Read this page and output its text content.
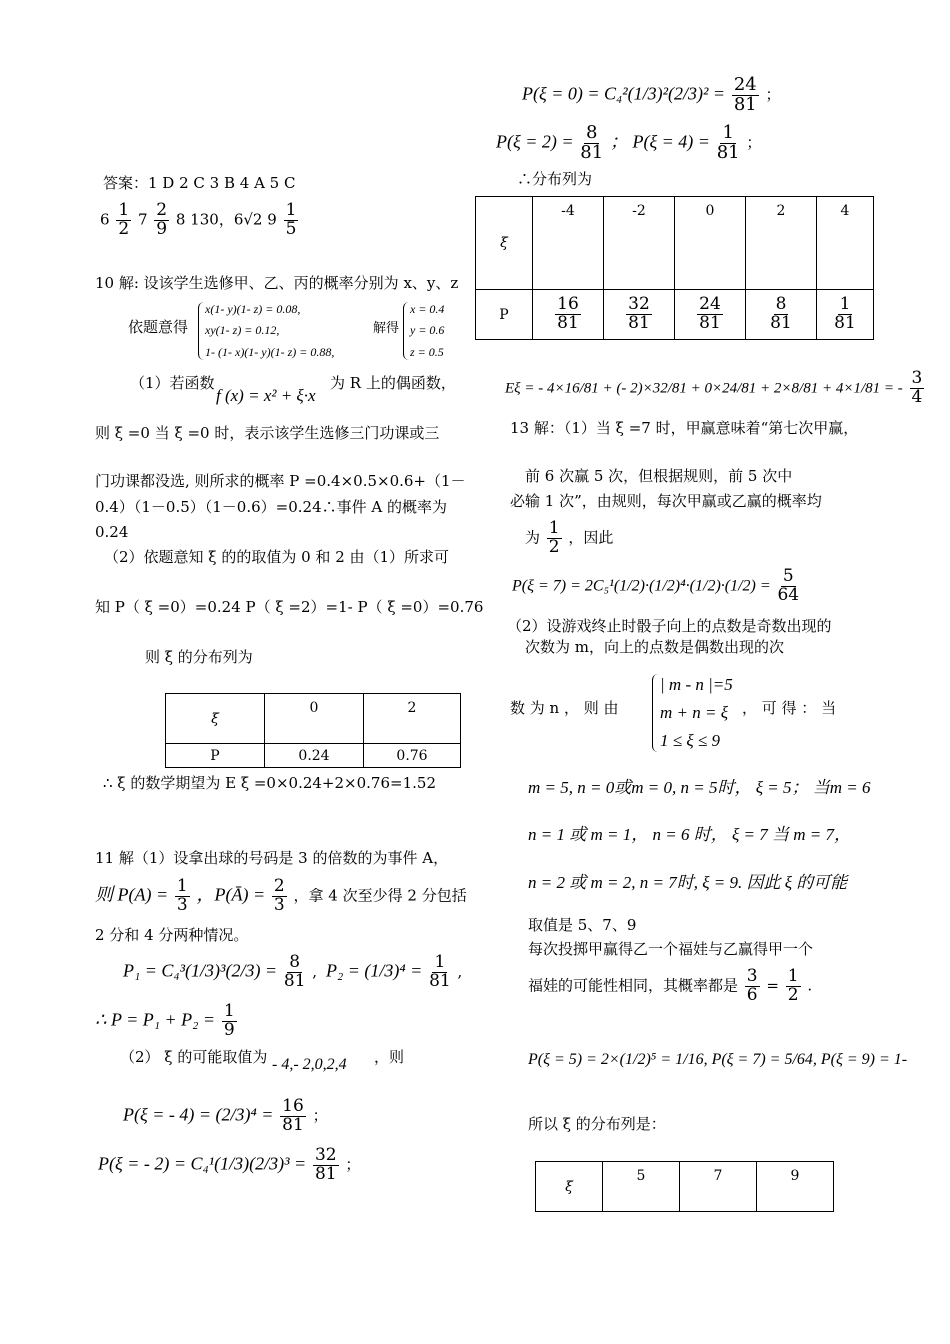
答案：1 D 2 C 3 B 4 A 5 C
$6 \frac{1}{2} 7 \frac{2}{9} 8$ 130，6√2 $9 \frac{1}{5}$
10 解: 设该学生选修甲、乙、丙的概率分别为 x、y、z
依题意得
x(1- y)(1- z) = 0.08,
xy(1- z) = 0.12,
1- (1- x)(1- y)(1- z) = 0.88,
解得
x = 0.4
y = 0.6
z = 0.5
（1）若函数
f (x) = x² + ξ·x
为 R 上的偶函数，
则 ξ =0 当 ξ =0 时，表示该学生选修三门功课或三
门功课都没选, 则所求的概率 P =0.4×0.5×0.6+（1－
0.4）（1－0.5）（1－0.6）=0.24∴事件 A 的概率为
0.24
（2）依题意知 ξ 的的取值为 0 和 2 由（1）所求可
知 P（ ξ =0）=0.24 P（ ξ =2）=1- P（ ξ =0）=0.76
则 ξ 的分布列为
ξ	0	2
P	0.24	0.76
∴ ξ 的数学期望为 E ξ =0×0.24+2×0.76=1.52
11 解（1）设拿出球的号码是 3 的倍数的为事件 A，
则 $P(A) = \frac{1}{3}$ ，P(Ā) = $\frac{2}{3}$ ，拿 4 次至少得 2 分包括
2 分和 4 分两种情况。
$P_1 = C_4^3(1/3)^3(2/3) = \frac{8}{81}$ , $P_2 = (1/3)^4 = \frac{1}{81}$ ,
∴ $P = P_1 + P_2 = \frac{1}{9}$
（2） ξ 的可能取值为 - 4,- 2,0,2,4 ，则
P(ξ = - $4) = (2/3)^4 = \frac{16}{81}$ ；
P(ξ = - $2) = C_4^1(1/3)(2/3)^3 = \frac{32}{81}$ ；
$P(\xi = 0) = C_4^2(1/3)^2(2/3)^2 = \frac{24}{81}$ ；
$P(\xi = 2) = \frac{8}{81}$ ； $P(\xi = 4) = \frac{1}{81}$ ；
∴分布列为
ξ	-4	-2	0	2	4
P	$\frac{16}{81}$	$\frac{32}{81}$	$\frac{24}{81}$	$\frac{8}{81}$	$\frac{1}{81}$
Eξ = - 4×16/81 + (- 2)×32/81 + 0×24/81 + 2×8/81 + 4×1/81 = - $\frac{3}{4}$
13 解：（1）当 ξ =7 时，甲赢意味着“第七次甲赢，
前 6 次赢 5 次，但根据规则，前 5 次中
必输 1 次”，由规则，每次甲赢或乙赢的概率均
为 $\frac{1}{2}$ ，因此
$P(\xi = 7) = 2C_5^1(1/2)\cdot(1/2)^4\cdot(1/2)\cdot(1/2) = \frac{5}{64}$
（2）设游戏终止时骰子向上的点数是奇数出现的
次数为 m，向上的点数是偶数出现的次
数 为 n ， 则 由
| m - n |=5
m + n = ξ
1 ≤ ξ ≤ 9
， 可 得 ： 当
m = 5, n = 0或m = 0, n = 5时， ξ = 5； 当m = 6
n = 1 或 m = 1， n = 6 时， ξ = 7 当 m = 7，
n = 2 或 m = 2, n = 7时, ξ = 9. 因此 ξ 的可能
取值是 5、7、9
每次投掷甲赢得乙一个福娃与乙赢得甲一个
福娃的可能性相同，其概率都是 $\frac{3}{6} = \frac{1}{2}$ .
P(ξ = 5) = 2×(1/2)⁵ = 1/16, P(ξ = 7) = 5/64, P(ξ = 9) = 1-
所以 ξ 的分布列是：
ξ	5	7	9
